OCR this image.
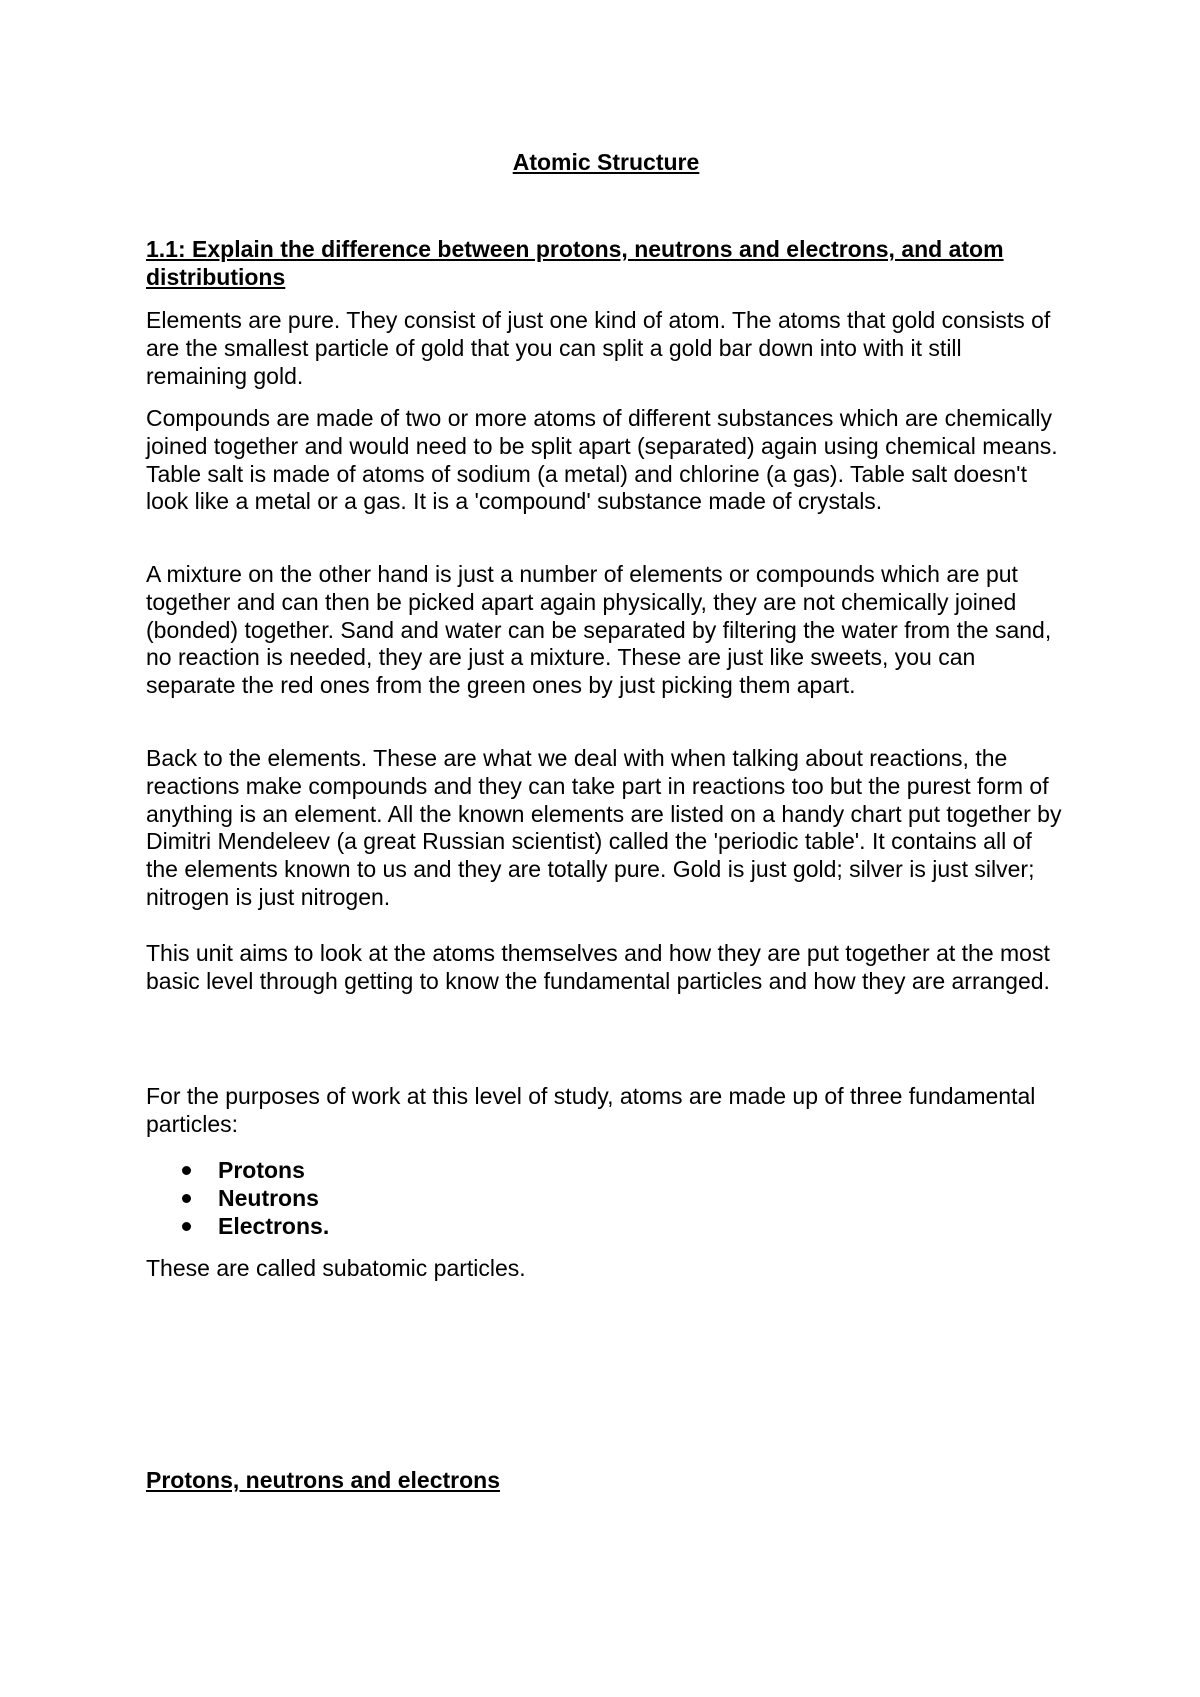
Atomic Structure
1.1: Explain the difference between protons, neutrons and electrons, and atom distributions

Elements are pure. They consist of just one kind of atom. The atoms that gold consists of are the smallest particle of gold that you can split a gold bar down into with it still remaining gold.

Compounds are made of two or more atoms of different substances which are chemically joined together and would need to be split apart (separated) again using chemical means. Table salt is made of atoms of sodium (a metal) and chlorine (a gas). Table salt doesn't look like a metal or a gas. It is a 'compound' substance made of crystals.

A mixture on the other hand is just a number of elements or compounds which are put together and can then be picked apart again physically, they are not chemically joined (bonded) together. Sand and water can be separated by filtering the water from the sand, no reaction is needed, they are just a mixture. These are just like sweets, you can separate the red ones from the green ones by just picking them apart.

Back to the elements. These are what we deal with when talking about reactions, the reactions make compounds and they can take part in reactions too but the purest form of anything is an element. All the known elements are listed on a handy chart put together by Dimitri Mendeleev (a great Russian scientist) called the 'periodic table'. It contains all of the elements known to us and they are totally pure. Gold is just gold; silver is just silver; nitrogen is just nitrogen.

This unit aims to look at the atoms themselves and how they are put together at the most basic level through getting to know the fundamental particles and how they are arranged.

For the purposes of work at this level of study, atoms are made up of three fundamental particles:

Protons
Neutrons
Electrons.

These are called subatomic particles.

Protons, neutrons and electrons
